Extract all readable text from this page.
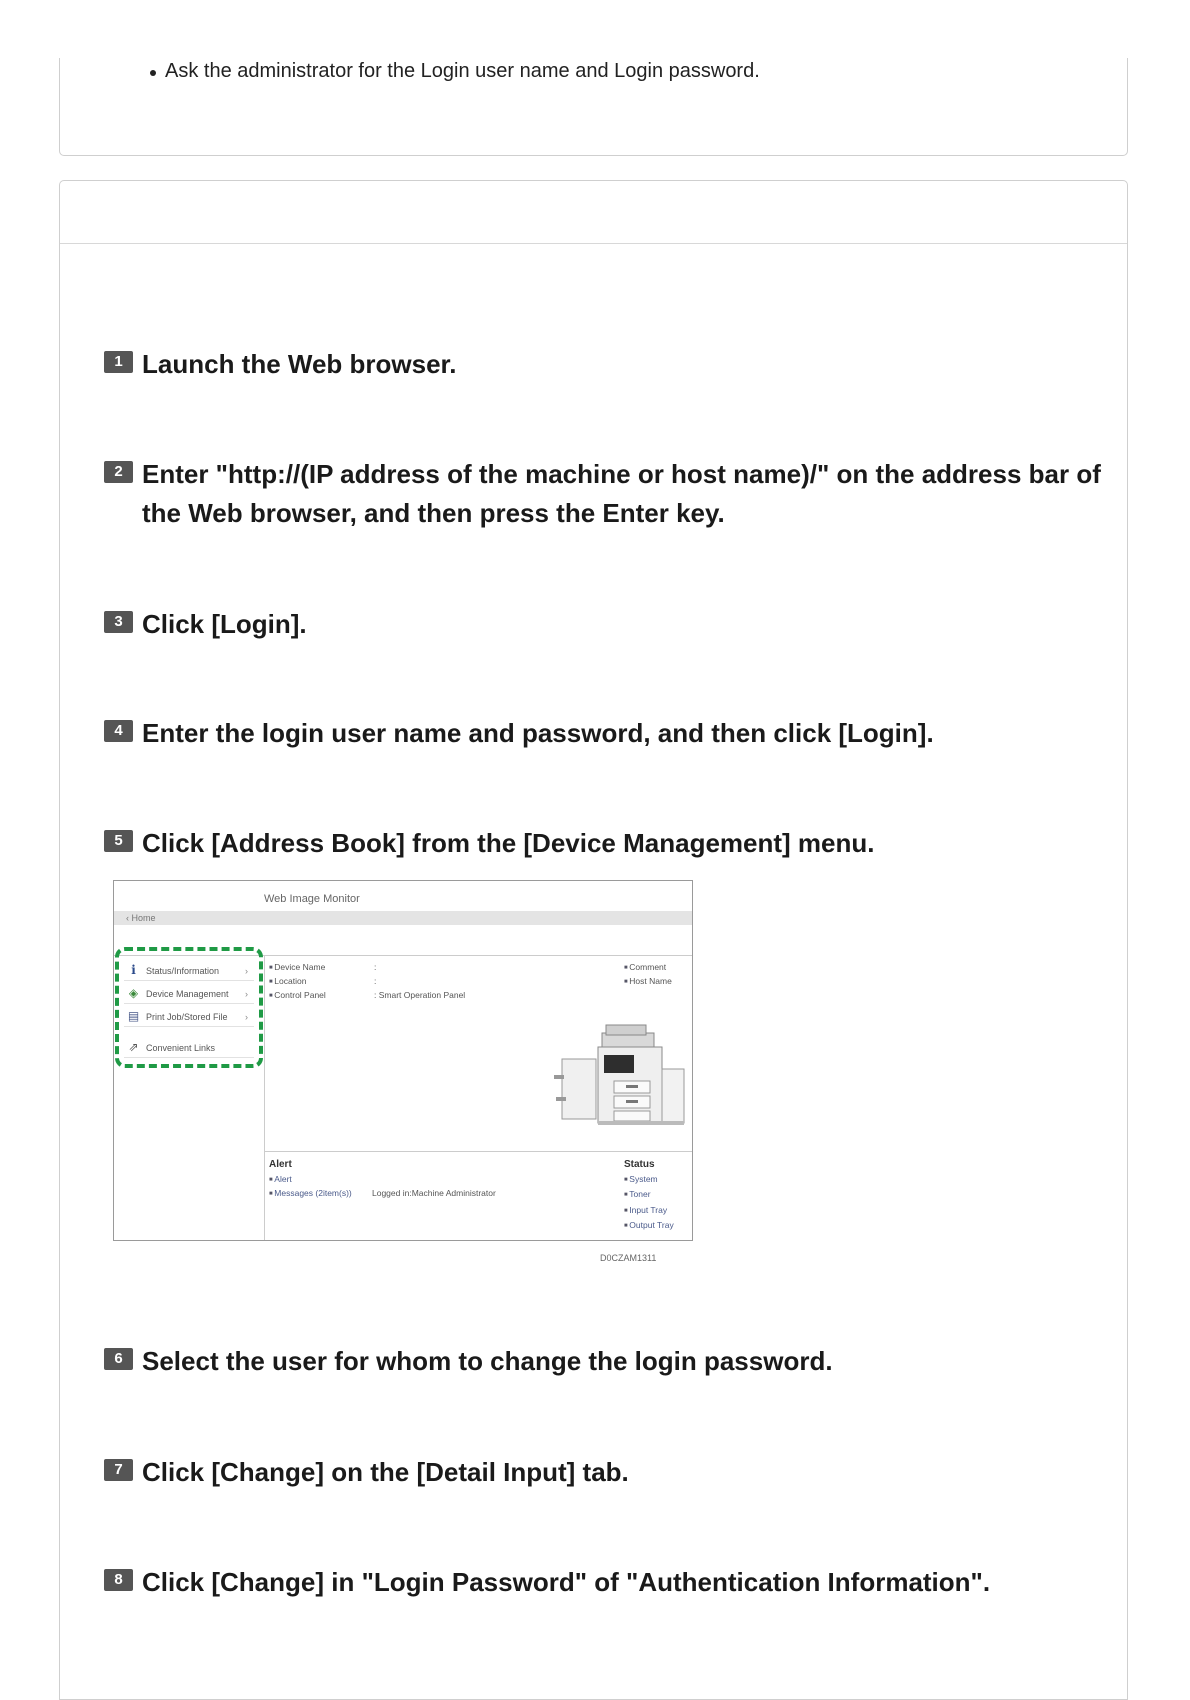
Ask the administrator for the Login user name and Login password.
1 Launch the Web browser.
2 Enter "http://(IP address of the machine or host name)/" on the address bar of the Web browser, and then press the Enter key.
3 Click [Login].
4 Enter the login user name and password, and then click [Login].
5 Click [Address Book] from the [Device Management] menu.
Web Image Monitor
‹ Home
i	Status/Information	›
◈ Device Management ›
▤ Print Job/Stored File ›
⇗ Convenient Links
■ Device Name	:
■ Location	:
■ Control Panel	: Smart Operation Panel
■ Comment
■ Host Name
Alert
■ Alert
■ Messages (2item(s)) Logged in:Machine Administrator
Status
■ System
■ Toner
■ Input Tray
■ Output Tray
D0CZAM1311
6 Select the user for whom to change the login password.
7 Click [Change] on the [Detail Input] tab.
8 Click [Change] in "Login Password" of "Authentication Information".
